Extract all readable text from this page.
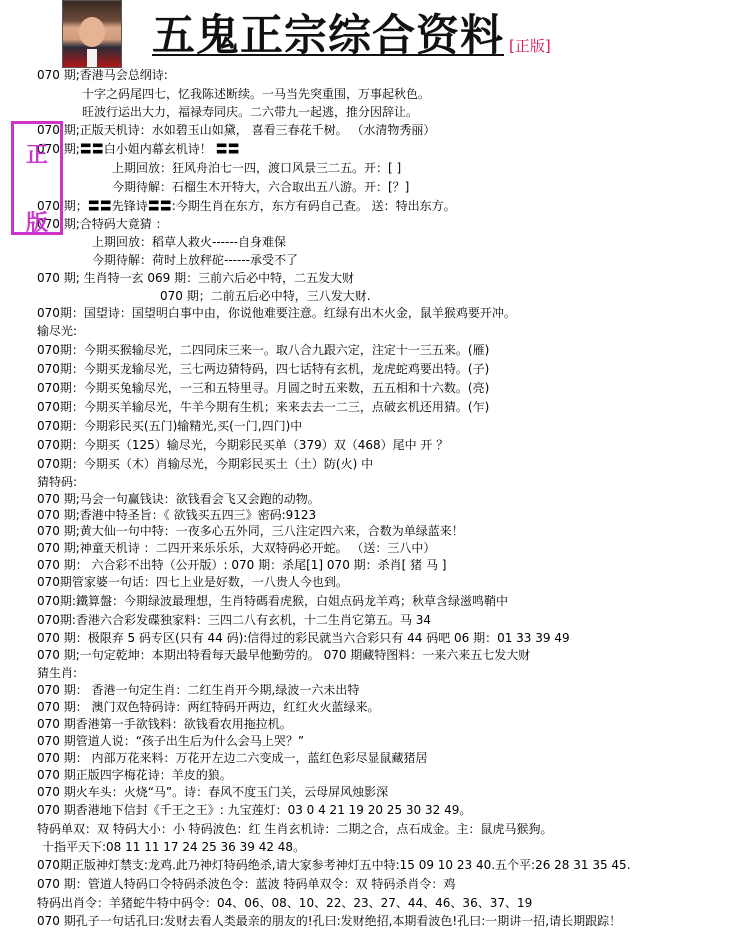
五鬼正宗综合资料 [正版]
正
版
070 期;香港马会总纲诗:
十字之码尾四七，忆我陈述断续。一马当先突重围，万事起秋色。
旺波行运出大力，福禄寿同庆。二六带九一起逃，推分因辞让。
070 期;正版天机诗：水如碧玉山如黛， 喜看三春花千树。 （水清物秀丽）
070 期;〓〓白小姐内幕玄机诗！ 〓〓
上期回放：狂风舟泊七一四，渡口风景三二五。开：[ ]
今期待解：石榴生木开特大，六合取出五八游。开：[？]
070 期；〓〓先锋诗〓〓:今期生肖在东方，东方有码自己查。 送：特出东方。
070 期;合特码大竟猜 ：
上期回放：稻草人救火------自身难保
今期待解：荷时上放秤砣------承受不了
070 期; 生肖特一玄 069 期：三前六后必中特，二五发大财
070 期；二前五后必中特，三八发大财.
070期：国望诗：国望明白事中由，你说他难要注意。红绿有出木火金，鼠羊猴鸡要开冲。
输尽光:
070期：今期买猴输尽光，二四同床三来一。取八合九跟六定，注定十一三五来。(雁)
070期：今期买龙输尽光，三七两边猜特码，四七话特有玄机，龙虎蛇鸡要出特。(子)
070期：今期买兔输尽光，一三和五特里寻。月圆之时五来数，五五相和十六数。(亮)
070期：今期买羊输尽光，牛羊今期有生机；来来去去一二三，点破玄机还用猜。(乍)
070期：今期彩民买(五门)输精光,买(一门,四门)中
070期：今期买（125）输尽光，今期彩民买单（379）双（468）尾中 开 ？
070期：今期买（木）肖输尽光，今期彩民买土（土）防(火) 中
猜特码:
070 期;马会一句赢钱诀：欲钱看会飞又会跑的动物。
070 期;香港中特圣旨：《 欲钱买五四三》密码:9123
070 期;黄大仙一句中特：一夜多心五外同，三八注定四六来，合数为单绿蓝来！
070 期;神童天机诗 ：二四开来乐乐乐，大双特码必开蛇。 （送：三八中）
070 期： 六合彩不出特（公开版）: 070 期：杀尾[1] 070 期：杀肖[ 猪 马 ]
070期管家婆一句话：四七上业是好数，一八贵人今也到。
070期:鐵算盤：今期绿波最理想，生肖特碼看虎猴，白姐点码龙羊鸡；秋草含绿滋鸣鞘中
070期:香港六合彩发碟独家料：三四二八有玄机，十二生肖它第五。马 34
070 期：极限弃 5 码专区(只有 44 码):信得过的彩民就当六合彩只有 44 码吧 06 期：01 33 39 49
070 期;一句定乾坤：本期出特看每天最早他勤劳的。 070 期藏特图料：一来六来五七发大财
猜生肖:
070 期： 香港一句定生肖：二红生肖开今期,绿波一六未出特
070 期： 澳门双色特码诗：两红特码开两边，红红火火蓝绿来。
070 期香港第一手欲钱料：欲钱看农用拖拉机。
070 期管道人说：“孩子出生后为什么会马上哭？”
070 期： 内部万花来料：万花开左边二六变成一，蓝红色彩尽显鼠藏猪居
070 期正版四字梅花诗：羊皮的狼。
070 期火车头：火烧“马”。诗：春风不度玉门关，云母屏风烛影深
070 期香港地下信封《千王之王》: 九宝莲灯：03 0 4 21 19 20 25 30 32 49。
特码单双：双 特码大小：小 特码波色：红 生肖玄机诗：二期之合，点石成金。主：鼠虎马猴狗。
十指平天下:08 11 11 17 24 25 36 39 42 48。
070期正版神灯禁支:龙鸡.此乃神灯特码绝杀,请大家参考神灯五中特:15 09 10 23 40.五个平:26 28 31 35 45.
070 期：管道人特码口令特码杀波色令：蓝波 特码单双令：双 特码杀肖令：鸡
特码出肖令：羊猪蛇牛特中码令：04、06、08、10、22、23、27、44、46、36、37、19
070 期孔子一句话孔曰:发财去看人类最亲的朋友的!孔曰:发财绝招,本期看波色!孔曰:一期讲一招,请长期跟踪！
